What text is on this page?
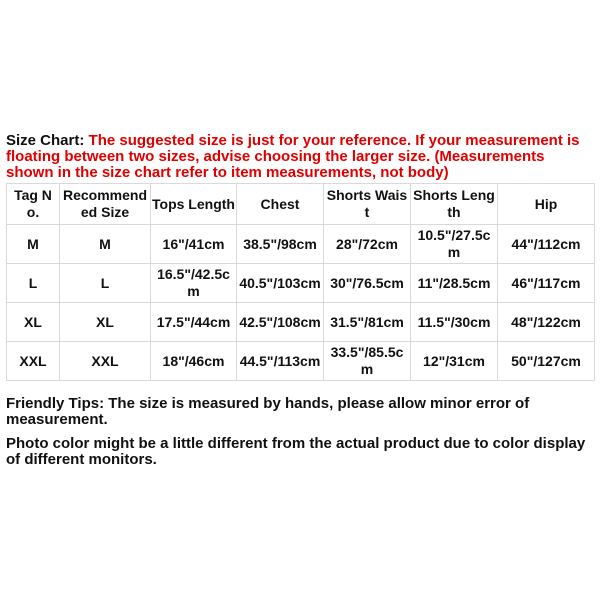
Size Chart: The suggested size is just for your reference. If your measurement is floating between two sizes, advise choosing the larger size. (Measurements shown in the size chart refer to item measurements, not body)

Tag No.	Recommended Size	Tops Length	Chest	Shorts Waist	Shorts Length	Hip
M	M	16"/41cm	38.5"/98cm	28"/72cm	10.5"/27.5cm	44"/112cm
L	L	16.5"/42.5cm	40.5"/103cm	30"/76.5cm	11"/28.5cm	46"/117cm
XL	XL	17.5"/44cm	42.5"/108cm	31.5"/81cm	11.5"/30cm	48"/122cm
XXL	XXL	18"/46cm	44.5"/113cm	33.5"/85.5cm	12"/31cm	50"/127cm

Friendly Tips: The size is measured by hands, please allow minor error of measurement.

Photo color might be a little different from the actual product due to color display of different monitors.
